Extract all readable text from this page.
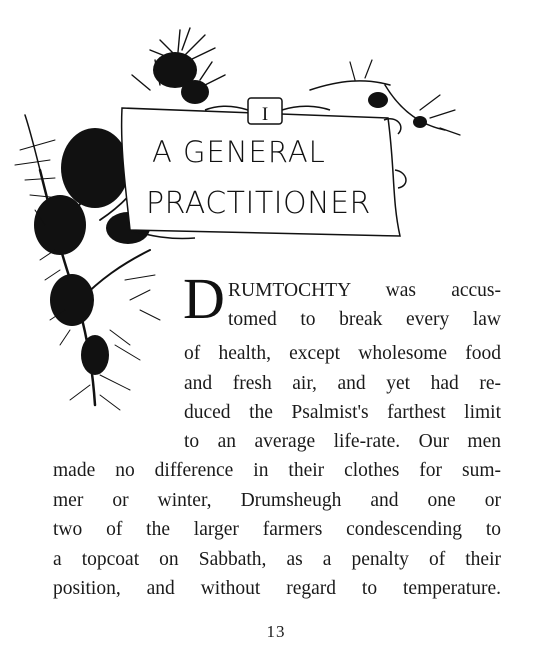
I
A GENERAL
PRACTITIONER
D RUMTOCHTY was accus-
tomed to break every law
of health, except wholesome food
and fresh air, and yet had re-
duced the Psalmist's farthest limit
to an average life-rate. Our men
made no difference in their clothes for sum-
mer or winter, Drumsheugh and one or
two of the larger farmers condescending to
a topcoat on Sabbath, as a penalty of their
position, and without regard to temperature.
13
